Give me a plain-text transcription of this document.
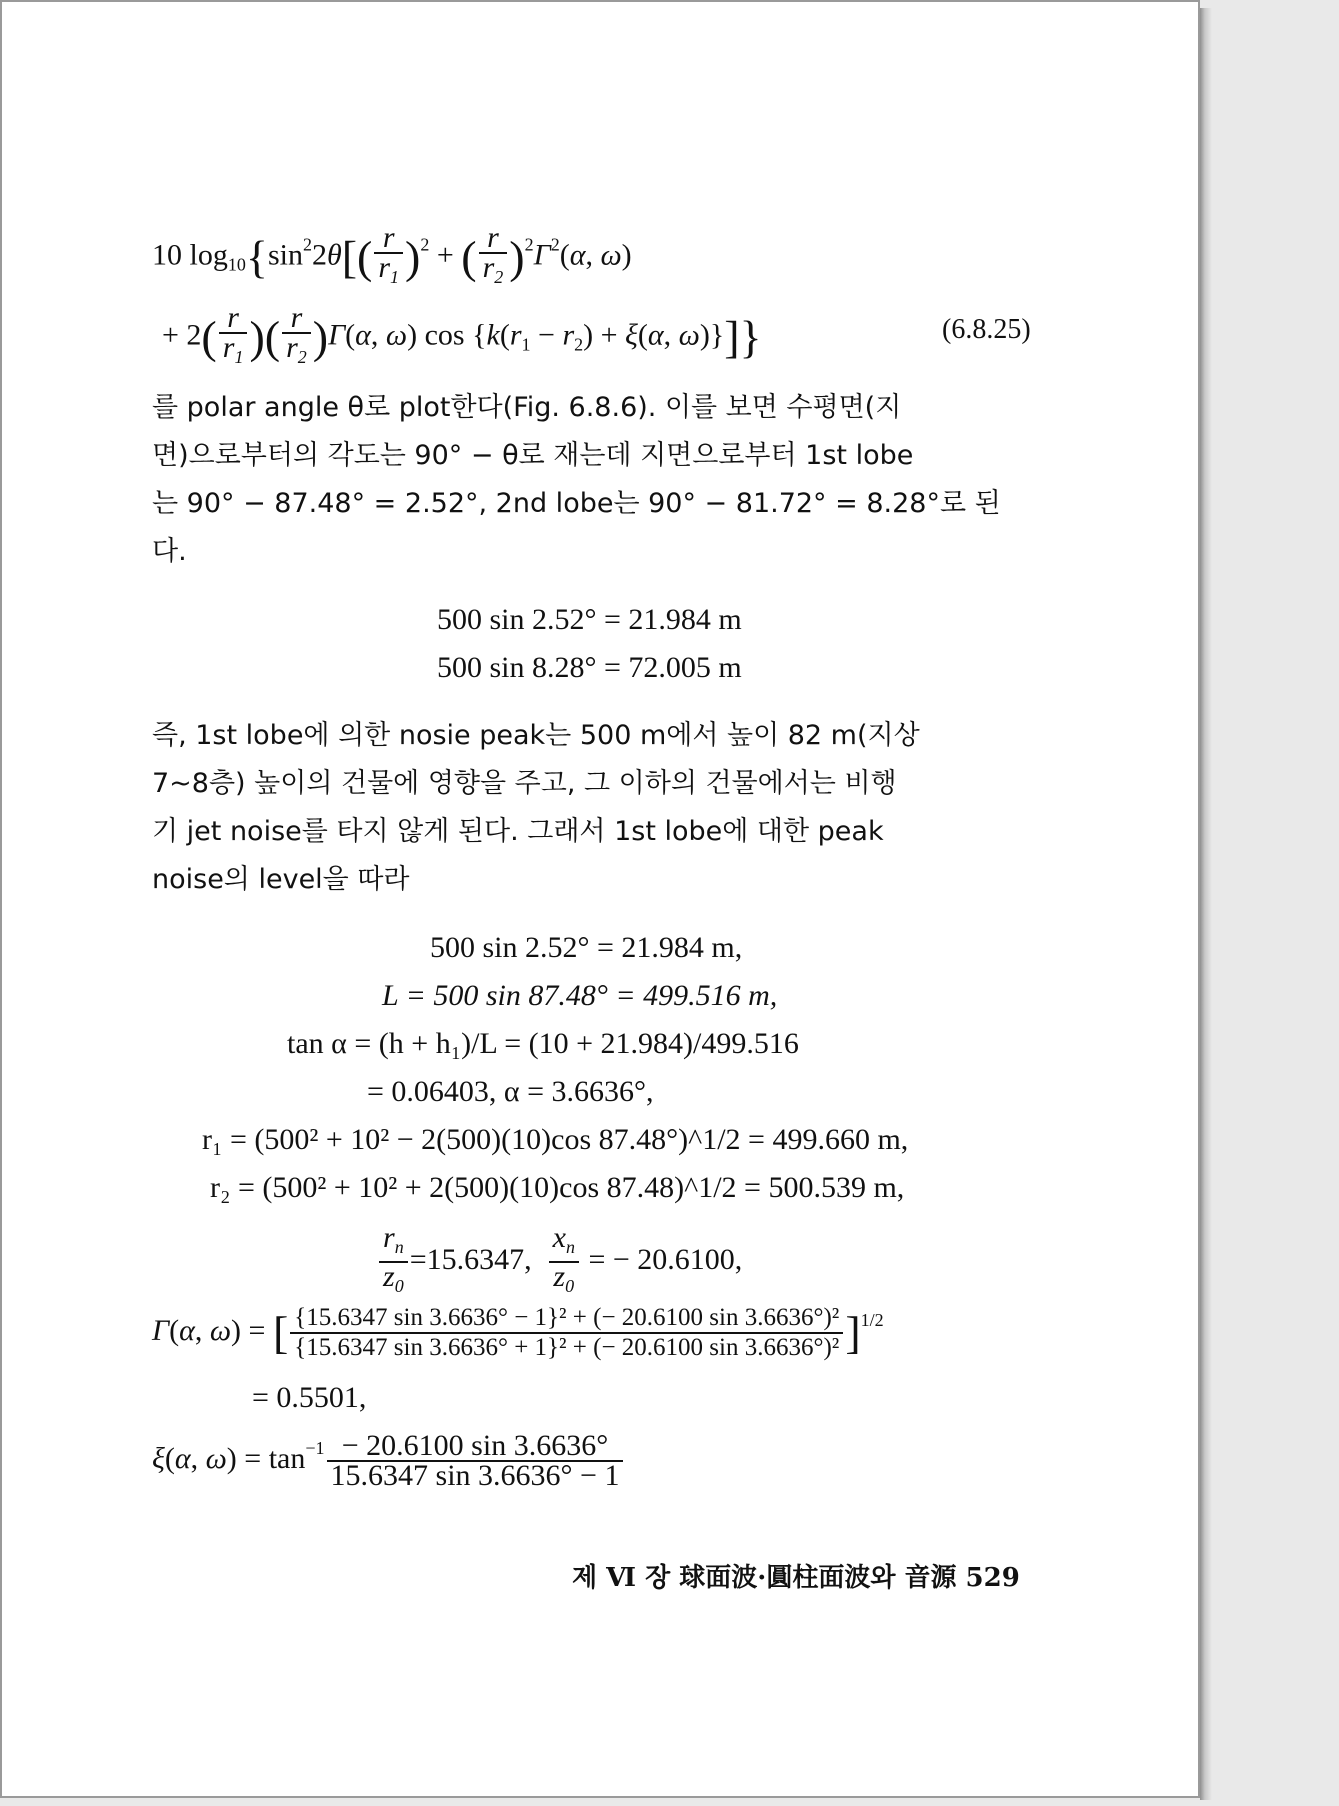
10 $\log_{10}\{\sin^22\theta[( \frac{r}{r_1} )^2$ + ( $\frac{r}{r_2} )^2\Gamma^2(\alpha$, ω)
+ $2( \frac{r}{r_1}$ )( $\frac{r}{r_2} )\Gamma(\alpha$, ω) $\cos \{k(r_1 - r_2) + \xi(\alpha$, ω)}]}	(6.8.25)
를 polar angle θ로 plot한다(Fig. 6.8.6). 이를 보면 수평면(지
면)으로부터의 각도는 90° − θ로 재는데 지면으로부터 1st lobe
는 90° − 87.48° = 2.52°, 2nd lobe는 90° − 81.72° = 8.28°로 된
다.
500 sin 2.52° = 21.984 m
500 sin 8.28° = 72.005 m
즉, 1st lobe에 의한 nosie peak는 500 m에서 높이 82 m(지상
7~8층) 높이의 건물에 영향을 주고, 그 이하의 건물에서는 비행
기 jet noise를 타지 않게 된다. 그래서 1st lobe에 대한 peak
noise의 level을 따라
500 sin 2.52° = 21.984 m,
L = 500 sin 87.48° = 499.516 m,
tan α = (h + h₁)/L = (10 + 21.984)/499.516
= 0.06403, α = 3.6636°,
r₁ = (500² + 10² − 2(500)(10)cos 87.48°)^1/2 = 499.660 m,
r₂ = (500² + 10² + 2(500)(10)cos 87.48)^1/2 = 500.539 m,
$\frac{r_n}{z_0} =15.6347$, $\frac{x_n}{z_0}$ = − 20.6100,
Γ(α, ω) = [ $\frac{\text{\{15.6347 sin 3.6636° − 1\}² + (− 20.6100 sin 3.6636°)²}}{\text{\{15.6347 sin 3.6636° + 1\}² + (− 20.6100 sin 3.6636°)²}} ]^{1/2}$
= 0.5501,
ξ(α, $\omega) = \tan^{-1} \frac{- 20.6100 \sin 3.6636^\circ}{15.6347 \sin 3.6636^\circ - 1}$
제 Ⅵ 장 球面波·圓柱面波와 音源 529
